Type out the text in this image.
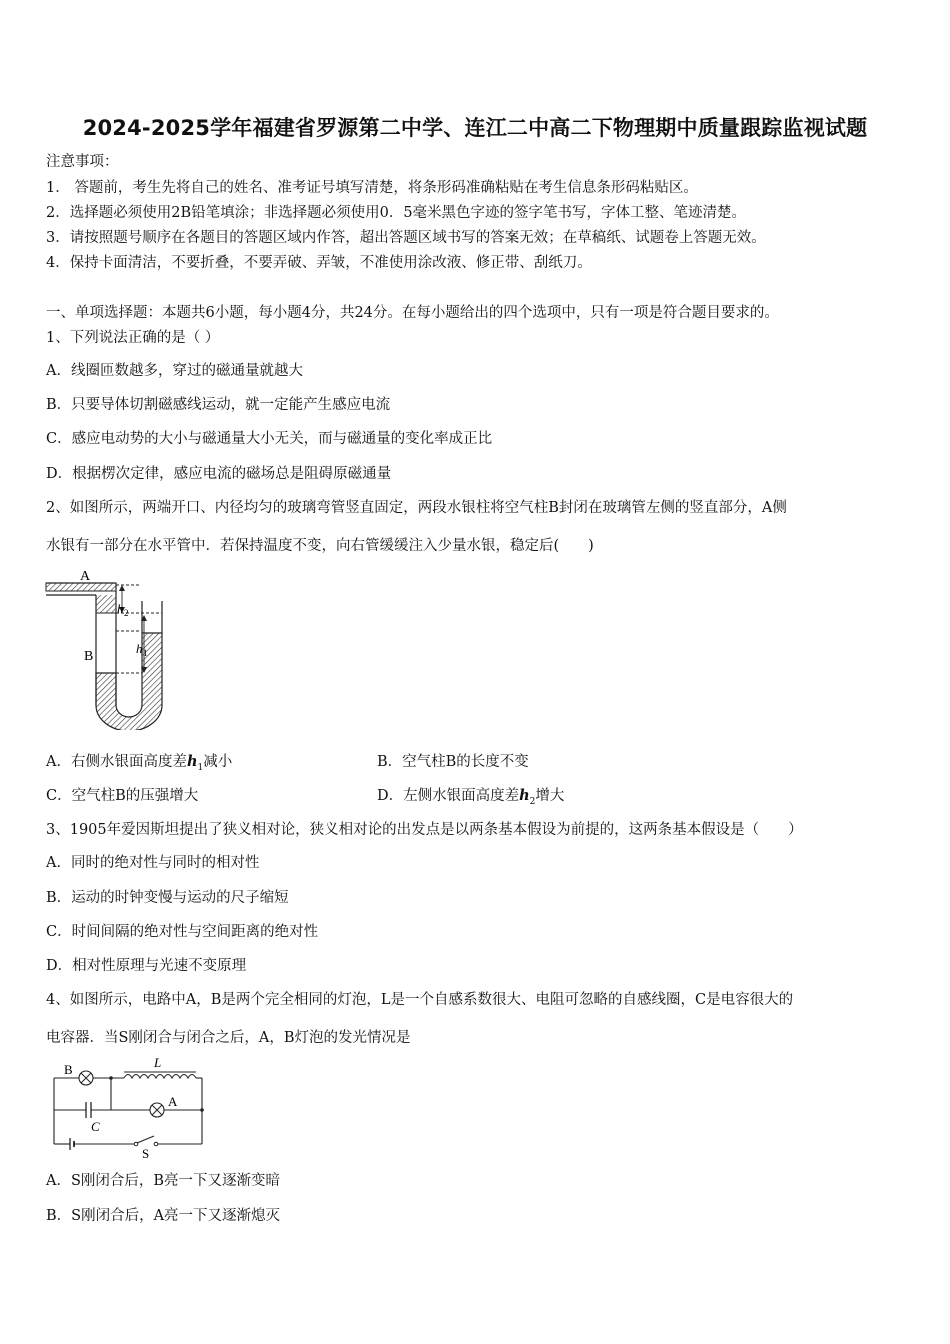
2024-2025学年福建省罗源第二中学、连江二中高二下物理期中质量跟踪监视试题
注意事项：
1． 答题前，考生先将自己的姓名、准考证号填写清楚，将条形码准确粘贴在考生信息条形码粘贴区。
2．选择题必须使用2B铅笔填涂；非选择题必须使用0．5毫米黑色字迹的签字笔书写，字体工整、笔迹清楚。
3．请按照题号顺序在各题目的答题区域内作答，超出答题区域书写的答案无效；在草稿纸、试题卷上答题无效。
4．保持卡面清洁，不要折叠，不要弄破、弄皱，不准使用涂改液、修正带、刮纸刀。
一、单项选择题：本题共6小题，每小题4分，共24分。在每小题给出的四个选项中，只有一项是符合题目要求的。
1、下列说法正确的是（ ）
A．线圈匝数越多，穿过的磁通量就越大
B．只要导体切割磁感线运动，就一定能产生感应电流
C．感应电动势的大小与磁通量大小无关，而与磁通量的变化率成正比
D．根据楞次定律，感应电流的磁场总是阻碍原磁通量
2、如图所示，两端开口、内径均匀的玻璃弯管竖直固定，两段水银柱将空气柱B封闭在玻璃管左侧的竖直部分，A侧
水银有一部分在水平管中．若保持温度不变，向右管缓缓注入少量水银，稳定后(　　)
A
B
h 2
h 1
A．右侧水银面高度差$h_1$减小	B．空气柱B的长度不变
C．空气柱B的压强增大	D．左侧水银面高度差$h_2$增大
3、1905年爱因斯坦提出了狭义相对论，狭义相对论的出发点是以两条基本假设为前提的，这两条基本假设是（　　）
A．同时的绝对性与同时的相对性
B．运动的时钟变慢与运动的尺子缩短
C．时间间隔的绝对性与空间距离的绝对性
D．相对性原理与光速不变原理
4、如图所示，电路中A，B是两个完全相同的灯泡，L是一个自感系数很大、电阻可忽略的自感线圈，C是电容很大的
电容器．当S刚闭合与闭合之后，A，B灯泡的发光情况是
B	L
A
C
S
A．S刚闭合后，B亮一下又逐渐变暗
B．S刚闭合后，A亮一下又逐渐熄灭
